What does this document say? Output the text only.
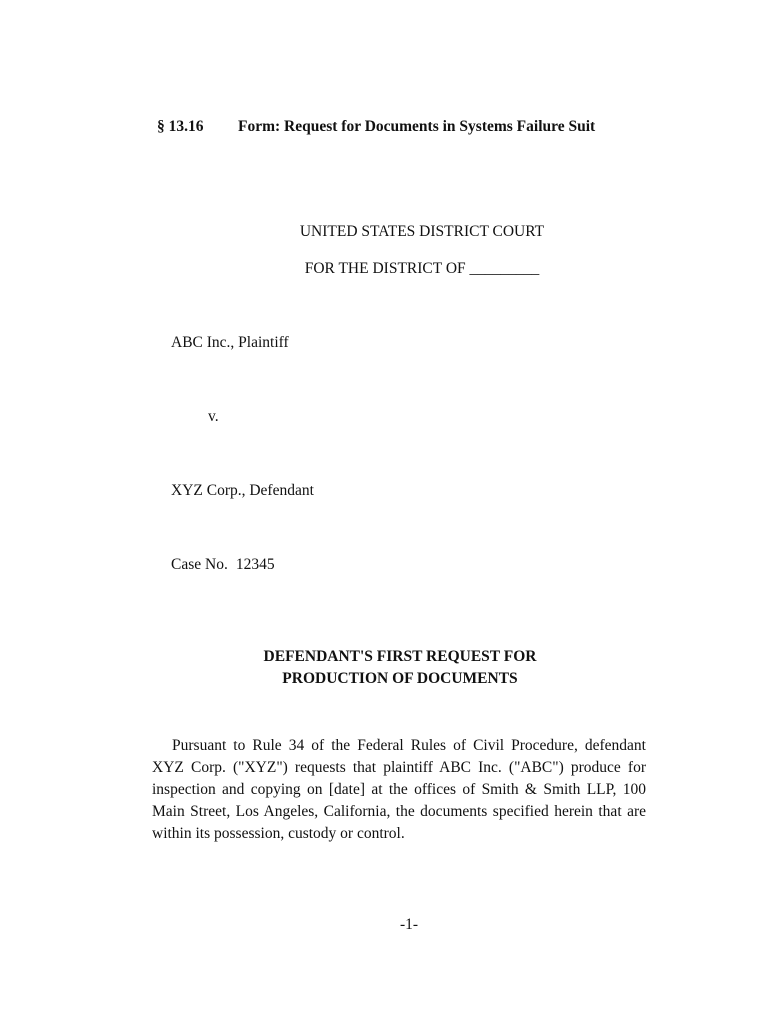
§ 13.16 Form: Request for Documents in Systems Failure Suit
UNITED STATES DISTRICT COURT
FOR THE DISTRICT OF _________
ABC Inc., Plaintiff
v.
XYZ Corp., Defendant
Case No. 12345
DEFENDANT'S FIRST REQUEST FOR
PRODUCTION OF DOCUMENTS
Pursuant to Rule 34 of the Federal Rules of Civil Procedure, defendant XYZ Corp. ("XYZ") requests that plaintiff ABC Inc. ("ABC") produce for inspection and copying on [date] at the offices of Smith & Smith LLP, 100 Main Street, Los Angeles, California, the documents specified herein that are within its possession, custody or control.
-1-
